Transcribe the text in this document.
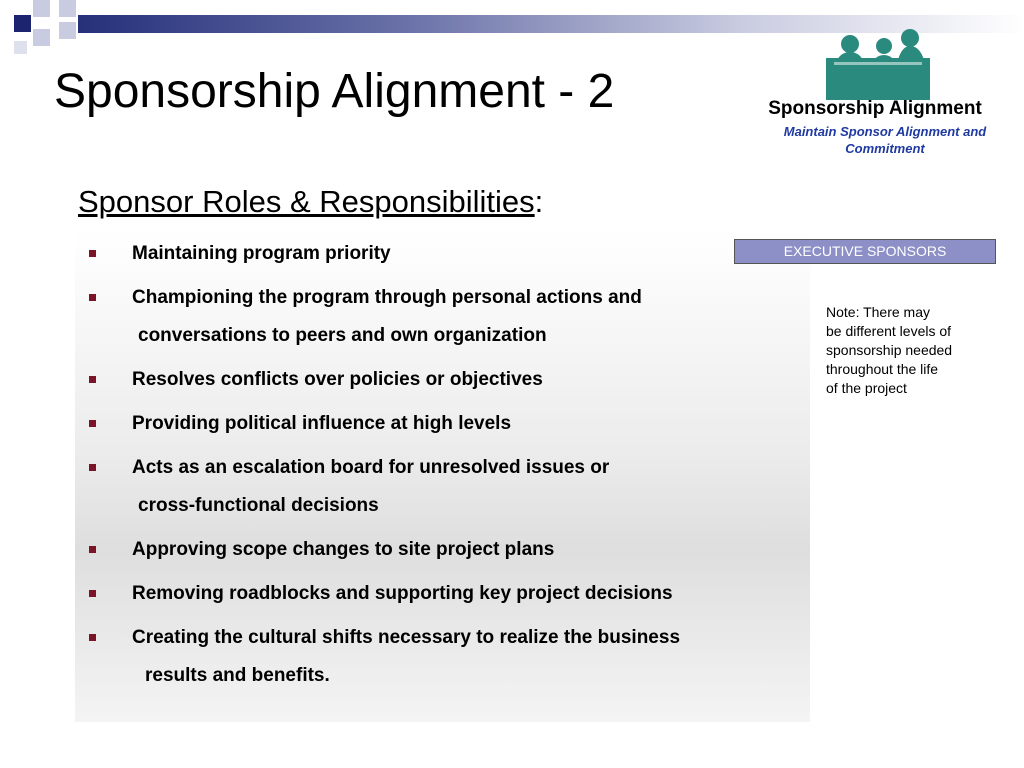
Sponsorship Alignment - 2	Sponsorship Alignment
Maintain Sponsor Alignment and Commitment
Sponsor Roles & Responsibilities:
Maintaining program priority
Championing the program through personal actions and
conversations to peers and own organization
Resolves conflicts over policies or objectives
Providing political influence at high levels
Acts as an escalation board for unresolved issues or
cross-functional decisions
Approving scope changes to site project plans
Removing roadblocks and supporting key project decisions
Creating the cultural shifts necessary to realize the business
results and benefits.
EXECUTIVE SPONSORS
Note: There may
be different levels of
sponsorship needed
throughout the life
of the project
